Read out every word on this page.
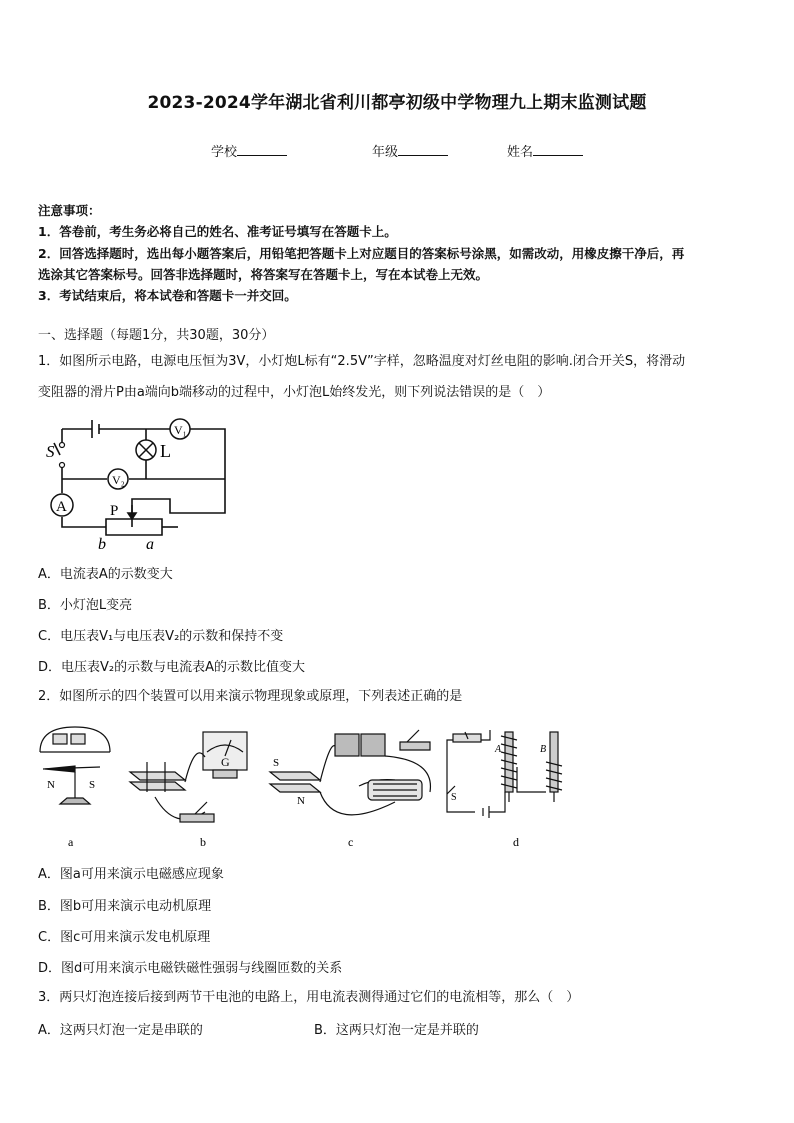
2023-2024学年湖北省利川都亭初级中学物理九上期末监测试题
学校	年级	姓名
注意事项：
1．答卷前，考生务必将自己的姓名、准考证号填写在答题卡上。
2．回答选择题时，选出每小题答案后，用铅笔把答题卡上对应题目的答案标号涂黑，如需改动，用橡皮擦干净后，再
选涂其它答案标号。回答非选择题时，将答案写在答题卡上，写在本试卷上无效。
3．考试结束后，将本试卷和答题卡一并交回。
一、选择题（每题1分，共30题，30分）
1．如图所示电路，电源电压恒为3V，小灯炮L标有“2.5V”字样，忽略温度对灯丝电阻的影响.闭合开关S，将滑动
变阻器的滑片P由a端向b端移动的过程中，小灯泡L始终发光，则下列说法错误的是（　）
V₁
V₂
A
L
S
P
b	a
A．电流表A的示数变大
B．小灯泡L变亮
C．电压表V₁与电压表V₂的示数和保持不变
D．电压表V₂的示数与电流表A的示数比值变大
2．如图所示的四个装置可以用来演示物理现象或原理，下列表述正确的是
N	S
G	S
N
A	B
S
a	b	c	d
A．图a可用来演示电磁感应现象
B．图b可用来演示电动机原理
C．图c可用来演示发电机原理
D．图d可用来演示电磁铁磁性强弱与线圈匝数的关系
3．两只灯泡连接后接到两节干电池的电路上，用电流表测得通过它们的电流相等，那么（　）
A．这两只灯泡一定是串联的	B．这两只灯泡一定是并联的
